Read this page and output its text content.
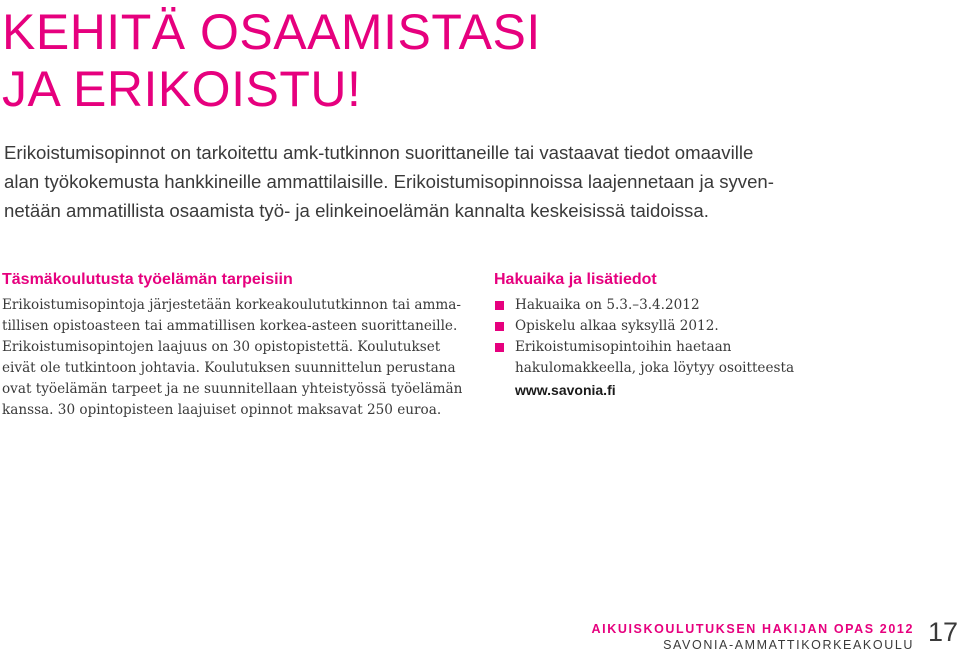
KEHITÄ OSAAMISTASI
JA ERIKOISTU!

Erikoistumisopinnot on tarkoitettu amk-tutkinnon suorittaneille tai vastaavat tiedot omaaville
alan työkokemusta hankkineille ammattilaisille. Erikoistumisopinnoissa laajennetaan ja syven-
netään ammatillista osaamista työ- ja elinkeinoelämän kannalta keskeisissä taidoissa.

Täsmäkoulutusta työelämän tarpeisiin

Erikoistumisopintoja järjestetään korkeakoulututkinnon tai amma-
tillisen opistoasteen tai ammatillisen korkea-asteen suorittaneille.
Erikoistumisopintojen laajuus on 30 opistopistettä. Koulutukset
eivät ole tutkintoon johtavia. Koulutuksen suunnittelun perustana
ovat työelämän tarpeet ja ne suunnitellaan yhteistyössä työelämän
kanssa. 30 opintopisteen laajuiset opinnot maksavat 250 euroa.

Hakuaika ja lisätiedot
Hakuaika on 5.3.–3.4.2012
Opiskelu alkaa syksyllä 2012.
Erikoistumisopintoihin haetaan
hakulomakkeella, joka löytyy osoitteesta
www.savonia.fi
AIKUISKOULUTUKSEN HAKIJAN OPAS 2012
SAVONIA-AMMATTIKORKEAKOULU 17
